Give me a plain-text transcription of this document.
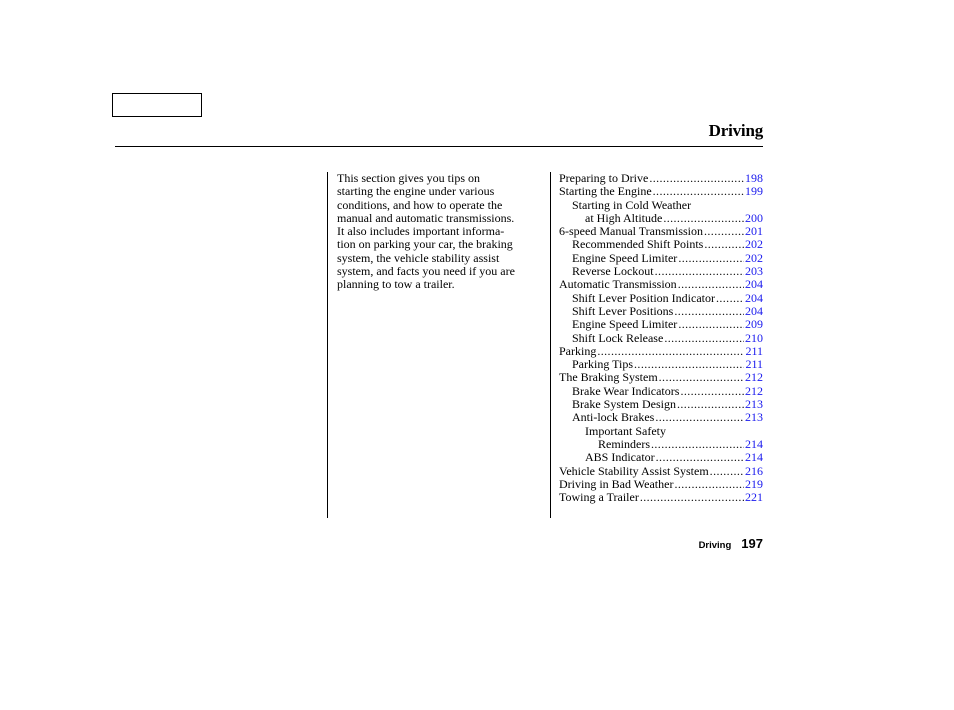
Driving
This section gives you tips on
starting the engine under various
conditions, and how to operate the
manual and automatic transmissions.
It also includes important informa-
tion on parking your car, the braking
system, the vehicle stability assist
system, and facts you need if you are
planning to tow a trailer.
Preparing to Drive .....	198
Starting the Engine .....	199
Starting in Cold Weather
at High Altitude .....	200
6-speed Manual Transmission .....	201
Recommended Shift Points .....	202
Engine Speed Limiter .....	202
Reverse Lockout .....	203
Automatic Transmission .....	204
Shift Lever Position Indicator .....	204
Shift Lever Positions .....	204
Engine Speed Limiter .....	209
Shift Lock Release .....	210
Parking .....	211
Parking Tips .....	211
The Braking System .....	212
Brake Wear Indicators .....	212
Brake System Design .....	213
Anti-lock Brakes .....	213
Important Safety
Reminders .....	214
ABS Indicator .....	214
Vehicle Stability Assist System .....	216
Driving in Bad Weather .....	219
Towing a Trailer .....	221
Driving 197
